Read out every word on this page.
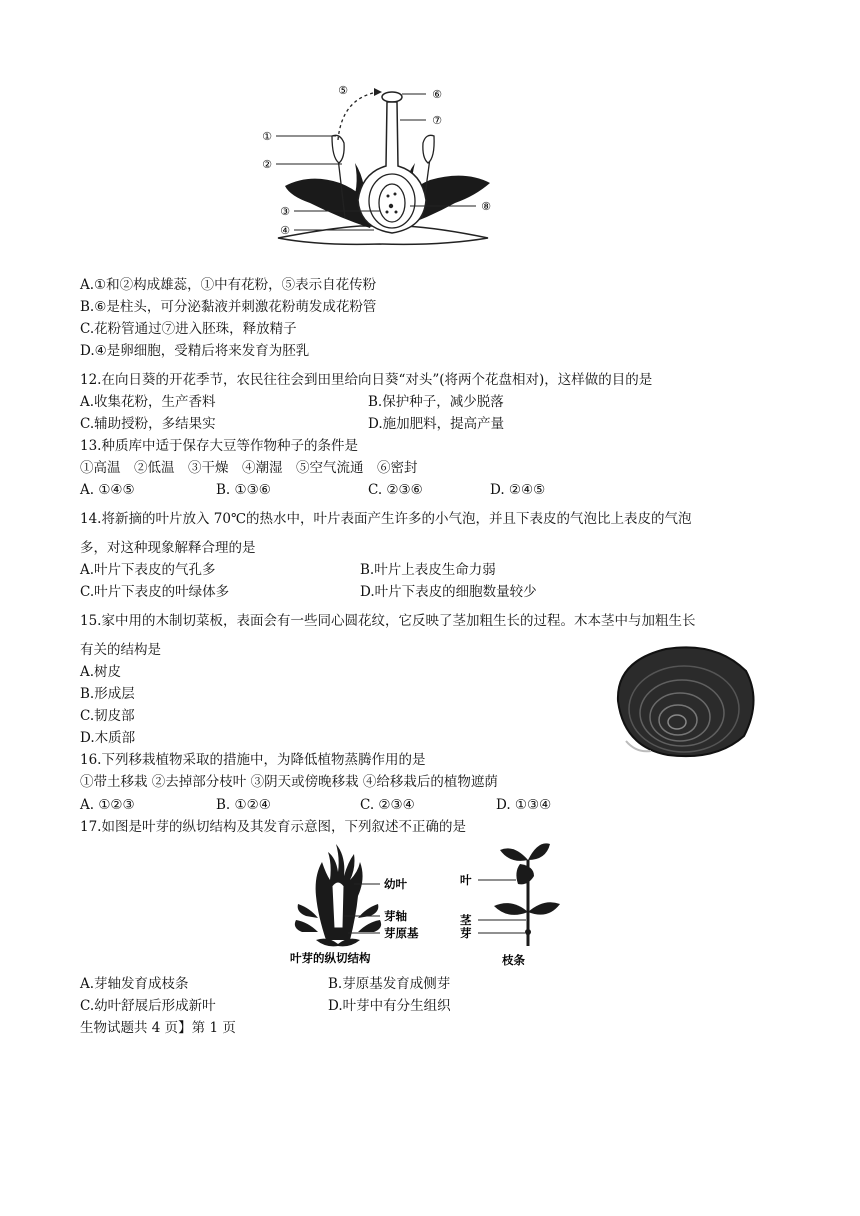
⑤	⑥
①
⑦
②
③	⑧
④
A.①和②构成雄蕊，①中有花粉，⑤表示自花传粉
B.⑥是柱头，可分泌黏液并刺激花粉萌发成花粉管
C.花粉管通过⑦进入胚珠，释放精子
D.④是卵细胞，受精后将来发育为胚乳
12.在向日葵的开花季节，农民往往会到田里给向日葵“对头”(将两个花盘相对)，这样做的目的是
A.收集花粉，生产香料	B.保护种子，减少脱落
C.辅助授粉，多结果实	D.施加肥料，提高产量
13.种质库中适于保存大豆等作物种子的条件是
①高温　②低温　③干燥　④潮湿　⑤空气流通　⑥密封
A. ①④⑤	B. ①③⑥	C. ②③⑥	D. ②④⑤
14.将新摘的叶片放入 70℃的热水中，叶片表面产生许多的小气泡，并且下表皮的气泡比上表皮的气泡
多，对这种现象解释合理的是
A.叶片下表皮的气孔多	B.叶片上表皮生命力弱
C.叶片下表皮的叶绿体多	D.叶片下表皮的细胞数量较少
15.家中用的木制切菜板，表面会有一些同心圆花纹，它反映了茎加粗生长的过程。木本茎中与加粗生长
有关的结构是
A.树皮
B.形成层
C.韧皮部
D.木质部
16.下列移栽植物采取的措施中，为降低植物蒸腾作用的是
①带土移栽 ②去掉部分枝叶 ③阴天或傍晚移栽 ④给移栽后的植物遮荫
A. ①②③	B. ①②④	C. ②③④	D. ①③④
17.如图是叶芽的纵切结构及其发育示意图，下列叙述不正确的是
幼叶
芽轴
芽原基
叶芽的纵切结构
叶
茎
芽
枝条
A.芽轴发育成枝条	B.芽原基发育成侧芽
C.幼叶舒展后形成新叶	D.叶芽中有分生组织
生物试题共 4 页】第 1 页
